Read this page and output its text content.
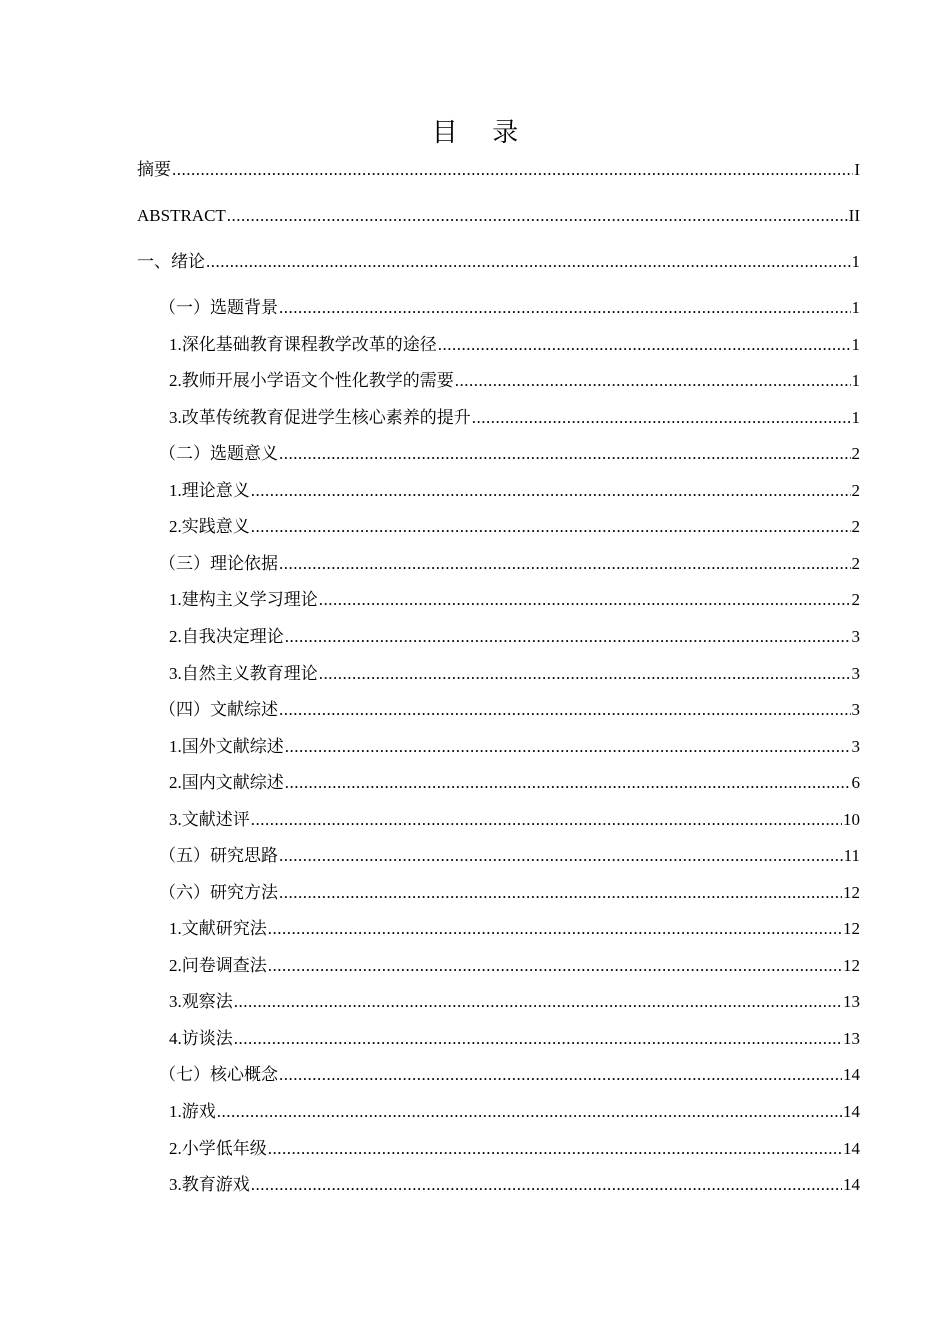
目 录
摘要 .....	I
ABSTRACT .....	II
一、绪论 .....	1
（一）选题背景 .....	1
1.深化基础教育课程教学改革的途径 .....	1
2.教师开展小学语文个性化教学的需要 .....	1
3.改革传统教育促进学生核心素养的提升 .....	1
（二）选题意义 .....	2
1.理论意义 .....	2
2.实践意义 .....	2
（三）理论依据 .....	2
1.建构主义学习理论 .....	2
2.自我决定理论 .....	3
3.自然主义教育理论 .....	3
（四）文献综述 .....	3
1.国外文献综述 .....	3
2.国内文献综述 .....	6
3.文献述评 .....	10
（五）研究思路 .....	11
（六）研究方法 .....	12
1.文献研究法 .....	12
2.问卷调查法 .....	12
3.观察法 .....	13
4.访谈法 .....	13
（七）核心概念 .....	14
1.游戏 .....	14
2.小学低年级 .....	14
3.教育游戏 .....	14
